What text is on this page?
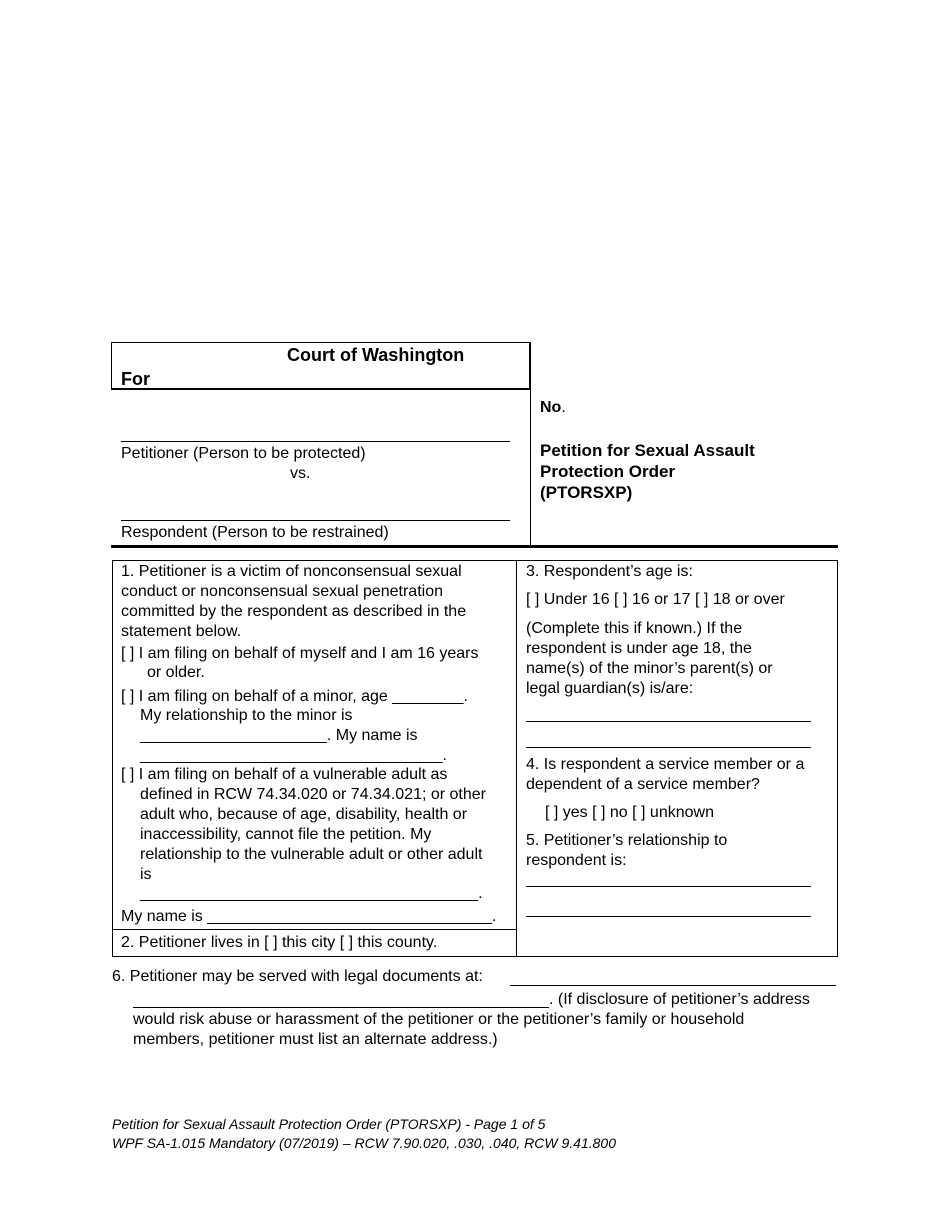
Court of Washington
For
Petitioner (Person to be protected)
vs.
Respondent (Person to be restrained)
No.
Petition for Sexual Assault
Protection Order
(PTORSXP)
1. Petitioner is a victim of nonconsensual sexual
conduct or nonconsensual sexual penetration
committed by the respondent as described in the
statement below.
[ ] I am filing on behalf of myself and I am 16 years
or older.
[ ] I am filing on behalf of a minor, age ________.
My relationship to the minor is
_____________________. My name is
__________________________________.
[ ] I am filing on behalf of a vulnerable adult as
defined in RCW 74.34.020 or 74.34.021; or other
adult who, because of age, disability, health or
inaccessibility, cannot file the petition. My
relationship to the vulnerable adult or other adult
is
______________________________________.
My name is ________________________________.
2. Petitioner lives in [ ] this city [ ] this county.
3. Respondent’s age is:
[ ] Under 16 [ ] 16 or 17 [ ] 18 or over
(Complete this if known.) If the
respondent is under age 18, the
name(s) of the minor’s parent(s) or
legal guardian(s) is/are:
4. Is respondent a service member or a
dependent of a service member?
[ ] yes [ ] no [ ] unknown
5. Petitioner’s relationship to
respondent is:
6. Petitioner may be served with legal documents at:
. (If disclosure of petitioner’s address
would risk abuse or harassment of the petitioner or the petitioner’s family or household
members, petitioner must list an alternate address.)
Petition for Sexual Assault Protection Order (PTORSXP) - Page 1 of 5
WPF SA-1.015 Mandatory (07/2019) – RCW 7.90.020, .030, .040, RCW 9.41.800
